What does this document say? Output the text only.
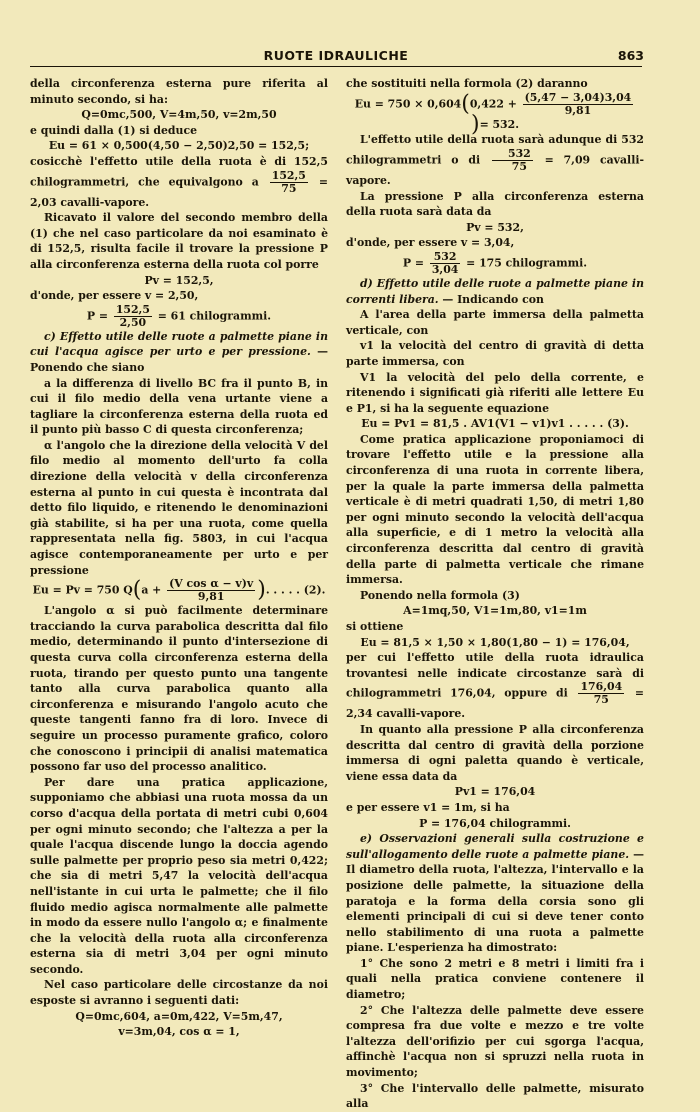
RUOTE IDRAULICHE	863

della circonferenza esterna pure riferita al minuto secondo, si ha:

Q=0mc,500, V=4m,50, v=2m,50

e quindi dalla (1) si deduce

Eu = 61 × 0,500(4,50 − 2,50)2,50 = 152,5;

cosicchè l'effetto utile della ruota è di 152,5 chilogrammetri, che equivalgono a $\frac{152,5}{75} = 2,03$ cavalli-vapore.

Ricavato il valore del secondo membro della (1) che nel caso particolare da noi esaminato è di 152,5, risulta facile il trovare la pressione P alla circonferenza esterna della ruota col porre

Pv = 152,5,

d'onde, per essere v = 2,50,

$P = \frac{152,5}{2,50} = 61$ chilogrammi.

c) Effetto utile delle ruote a palmette piane in cui l'acqua agisce per urto e per pressione. — Ponendo che siano

a la differenza di livello BC fra il punto B, in cui il filo medio della vena urtante viene a tagliare la circonferenza esterna della ruota ed il punto più basso C di questa circonferenza;

α l'angolo che la direzione della velocità V del filo medio al momento dell'urto fa colla direzione della velocità v della circonferenza esterna al punto in cui questa è incontrata dal detto filo liquido, e ritenendo le denominazioni già stabilite, si ha per una ruota, come quella rappresentata nella fig. 5803, in cui l'acqua agisce contemporaneamente per urto e per pressione

Eu = Pv = 750 $Q(a + \frac{\text{(V cos α − v)v}}{9,81}$ ). . . . . (2).

L'angolo α si può facilmente determinare tracciando la curva parabolica descritta dal filo medio, determinando il punto d'intersezione di questa curva colla circonferenza esterna della ruota, tirando per questo punto una tangente tanto alla curva parabolica quanto alla circonferenza e misurando l'angolo acuto che queste tangenti fanno fra di loro. Invece di seguire un processo puramente grafico, coloro che conoscono i principii di analisi matematica possono far uso del processo analitico.

Per dare una pratica applicazione, supponiamo che abbiasi una ruota mossa da un corso d'acqua della portata di metri cubi 0,604 per ogni minuto secondo; che l'altezza a per la quale l'acqua discende lungo la doccia agendo sulle palmette per proprio peso sia metri 0,422; che sia di metri 5,47 la velocità dell'acqua nell'istante in cui urta le palmette; che il filo fluido medio agisca normalmente alle palmette in modo da essere nullo l'angolo α; e finalmente che la velocità della ruota alla circonferenza esterna sia di metri 3,04 per ogni minuto secondo.

Nel caso particolare delle circostanze da noi esposte si avranno i seguenti dati:

Q=0mc,604, a=0m,422, V=5m,47,

v=3m,04, cos α = 1,

che sostituiti nella formola (2) daranno

$Eu = 750 \times 0,604(0,422 + \frac{(5,47 - 3,04)3,04}{9,81}$
)= 532.

L'effetto utile della ruota sarà adunque di 532 chilogrammetri o di $\frac{532}{75} = 7,09$ cavalli-vapore.

La pressione P alla circonferenza esterna della ruota sarà data da

Pv = 532,

d'onde, per essere v = 3,04,

$P = \frac{532}{3,04} = 175$ chilogrammi.

d) Effetto utile delle ruote a palmette piane in correnti libera. — Indicando con

A l'area della parte immersa della palmetta verticale, con

v1 la velocità del centro di gravità di detta parte immersa, con

V1 la velocità del pelo della corrente, e ritenendo i significati già riferiti alle lettere Eu e P1, si ha la seguente equazione

Eu = Pv1 = 81,5 . AV1(V1 − v1)v1 . . . . . (3).

Come pratica applicazione proponiamoci di trovare l'effetto utile e la pressione alla circonferenza di una ruota in corrente libera, per la quale la parte immersa della palmetta verticale è di metri quadrati 1,50, di metri 1,80 per ogni minuto secondo la velocità dell'acqua alla superficie, e di 1 metro la velocità alla circonferenza descritta dal centro di gravità della parte di palmetta verticale che rimane immersa.

Ponendo nella formola (3)

A=1mq,50, V1=1m,80, v1=1m

si ottiene

Eu = 81,5 × 1,50 × 1,80(1,80 − 1) = 176,04,

per cui l'effetto utile della ruota idraulica trovantesi nelle indicate circostanze sarà di chilogrammetri 176,04, oppure di $\frac{176,04}{75} = 2,34$ cavalli-vapore.

In quanto alla pressione P alla circonferenza descritta dal centro di gravità della porzione immersa di ogni paletta quando è verticale, viene essa data da

Pv1 = 176,04

e per essere v1 = 1m, si ha

P = 176,04 chilogrammi.

e) Osservazioni generali sulla costruzione e sull'allogamento delle ruote a palmette piane. — Il diametro della ruota, l'altezza, l'intervallo e la posizione delle palmette, la situazione della paratoja e la forma della corsia sono gli elementi principali di cui si deve tener conto nello stabilimento di una ruota a palmette piane. L'esperienza ha dimostrato:

1° Che sono 2 metri e 8 metri i limiti fra i quali nella pratica conviene contenere il diametro;

2° Che l'altezza delle palmette deve essere compresa fra due volte e mezzo e tre volte l'altezza dell'orifizio per cui sgorga l'acqua, affinchè l'acqua non si spruzzi nella ruota in movimento;

3° Che l'intervallo delle palmette, misurato alla
